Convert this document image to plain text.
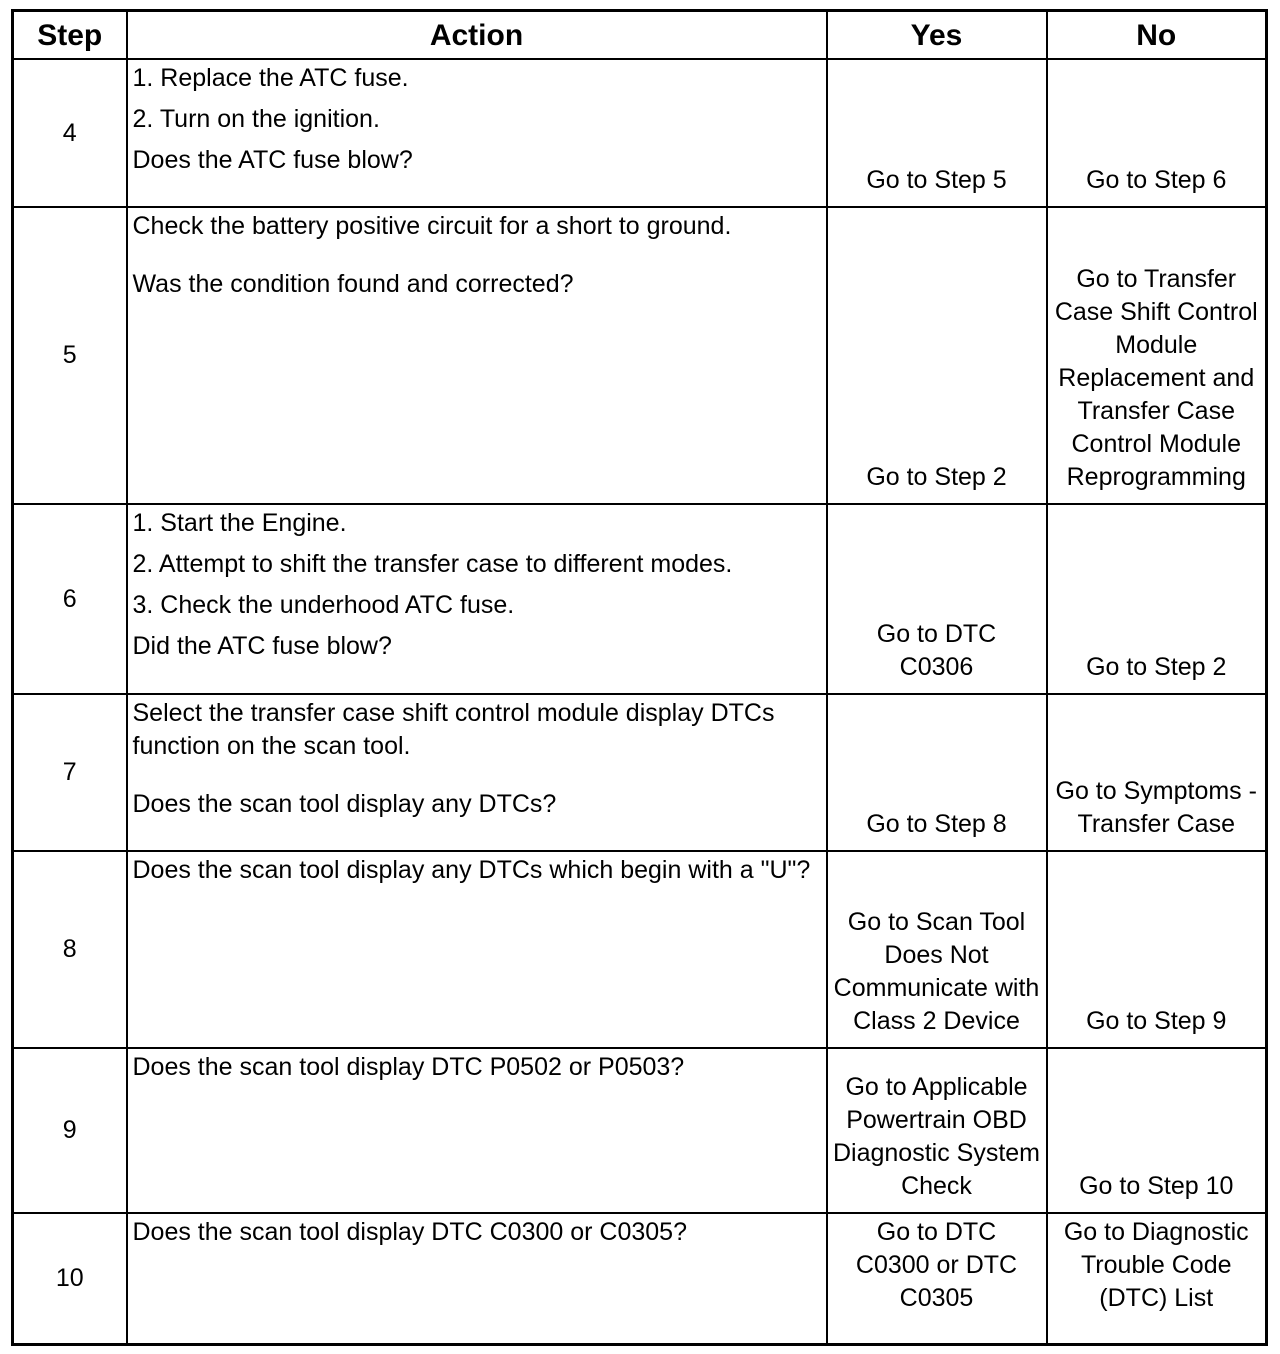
Step	Action	Yes	No
4	1. Replace the ATC fuse.

2. Turn on the ignition.

Does the ATC fuse blow?	Go to Step 5	Go to Step 6
5	Check the battery positive circuit for a short to ground.

Was the condition found and corrected?	Go to Step 2	Go to Transfer Case Shift Control Module Replacement and Transfer Case Control Module Reprogramming
6	1. Start the Engine.

2. Attempt to shift the transfer case to different modes.

3. Check the underhood ATC fuse.

Did the ATC fuse blow?	Go to DTC C0306	Go to Step 2
7	Select the transfer case shift control module display DTCs function on the scan tool.

Does the scan tool display any DTCs?	Go to Step 8	Go to Symptoms - Transfer Case
8	Does the scan tool display any DTCs which begin with a "U"?	Go to Scan Tool Does Not Communicate with Class 2 Device	Go to Step 9
9	Does the scan tool display DTC P0502 or P0503?	Go to Applicable Powertrain OBD Diagnostic System Check	Go to Step 10
10	Does the scan tool display DTC C0300 or C0305?	Go to DTC C0300 or DTC C0305	Go to Diagnostic Trouble Code (DTC) List
